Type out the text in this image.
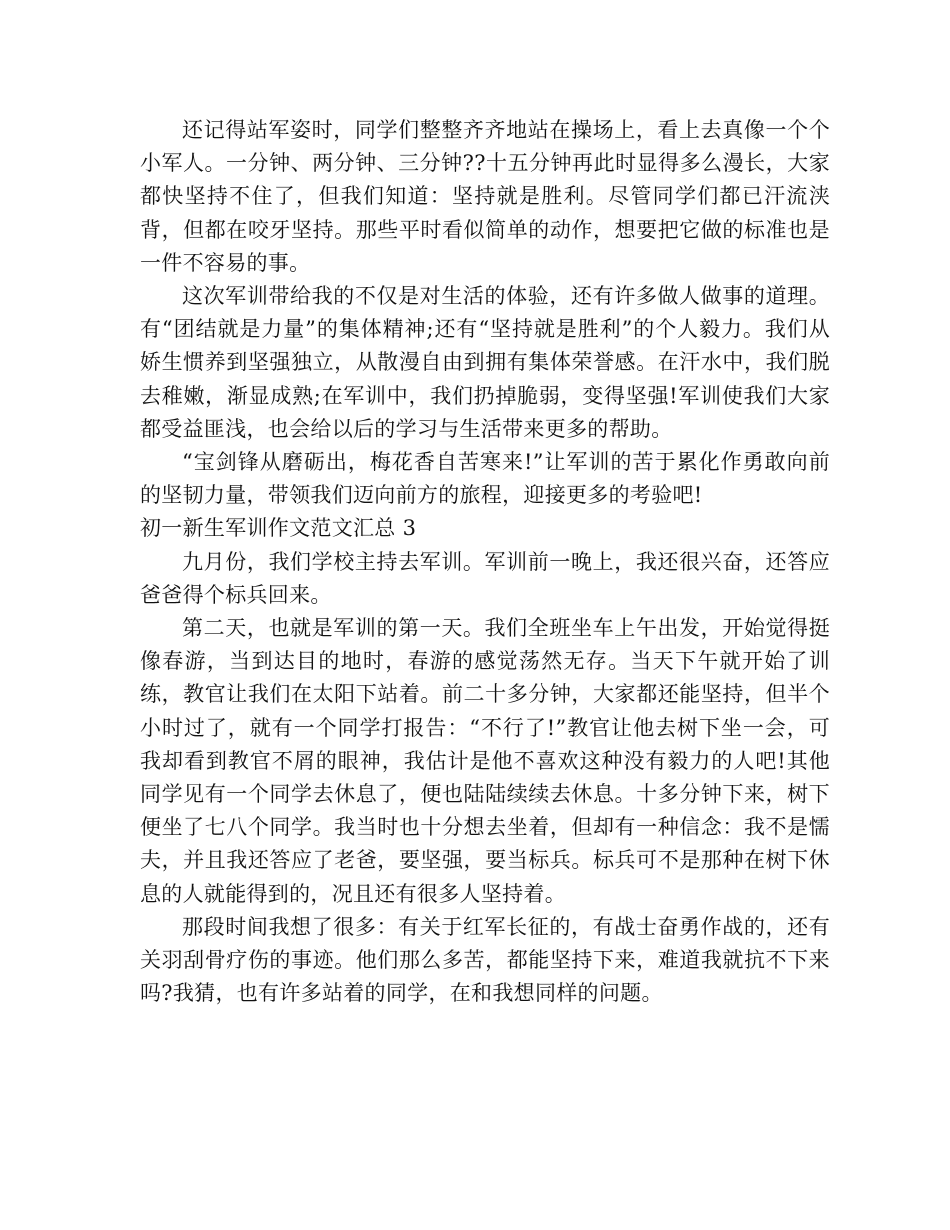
还记得站军姿时，同学们整整齐齐地站在操场上，看上去真像一个个小军人。一分钟、两分钟、三分钟??十五分钟再此时显得多么漫长，大家都快坚持不住了，但我们知道：坚持就是胜利。尽管同学们都已汗流浃背，但都在咬牙坚持。那些平时看似简单的动作，想要把它做的标准也是一件不容易的事。

这次军训带给我的不仅是对生活的体验，还有许多做人做事的道理。有“团结就是力量”的集体精神;还有“坚持就是胜利”的个人毅力。我们从娇生惯养到坚强独立，从散漫自由到拥有集体荣誉感。在汗水中，我们脱去稚嫩，渐显成熟;在军训中，我们扔掉脆弱，变得坚强!军训使我们大家都受益匪浅，也会给以后的学习与生活带来更多的帮助。

“宝剑锋从磨砺出，梅花香自苦寒来!”让军训的苦于累化作勇敢向前的坚韧力量，带领我们迈向前方的旅程，迎接更多的考验吧!

初一新生军训作文范文汇总 3

九月份，我们学校主持去军训。军训前一晚上，我还很兴奋，还答应爸爸得个标兵回来。

第二天，也就是军训的第一天。我们全班坐车上午出发，开始觉得挺像春游，当到达目的地时，春游的感觉荡然无存。当天下午就开始了训练，教官让我们在太阳下站着。前二十多分钟，大家都还能坚持，但半个小时过了，就有一个同学打报告：“不行了!”教官让他去树下坐一会，可我却看到教官不屑的眼神，我估计是他不喜欢这种没有毅力的人吧!其他同学见有一个同学去休息了，便也陆陆续续去休息。十多分钟下来，树下便坐了七八个同学。我当时也十分想去坐着，但却有一种信念：我不是懦夫，并且我还答应了老爸，要坚强，要当标兵。标兵可不是那种在树下休息的人就能得到的，况且还有很多人坚持着。

那段时间我想了很多：有关于红军长征的，有战士奋勇作战的，还有关羽刮骨疗伤的事迹。他们那么多苦，都能坚持下来，难道我就抗不下来吗?我猜，也有许多站着的同学，在和我想同样的问题。
